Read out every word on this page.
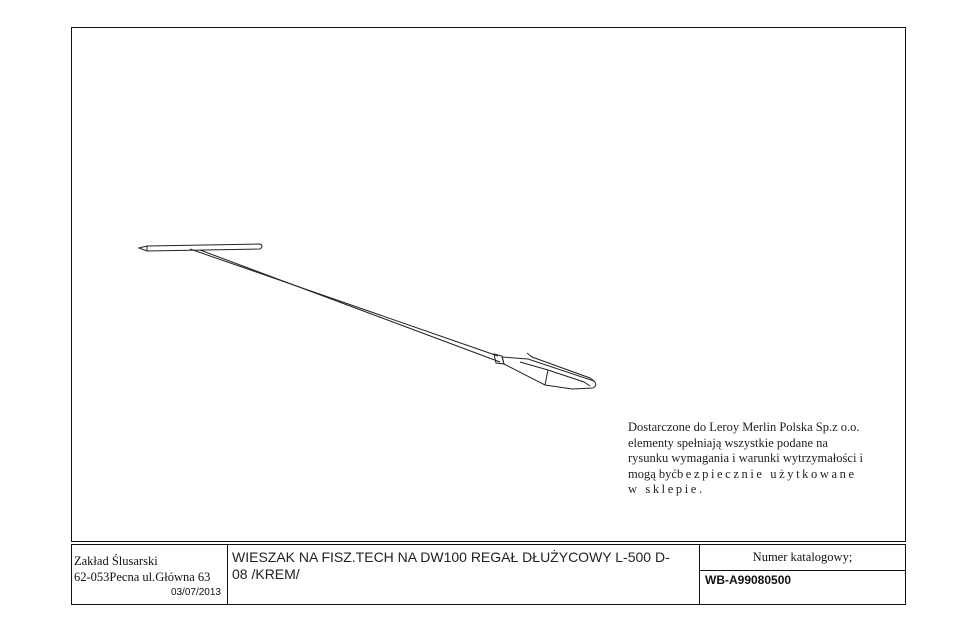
Dostarczone do Leroy Merlin Polska Sp.z o.o.
elementy spełniają wszystkie podane na
rysunku wymagania i warunki wytrzymałości i
mogą byćbezpiecznie użytkowane
w sklepie.
Zakład Ślusarski
62-053Pecna ul.Główna 63
03/07/2013
WIESZAK NA FISZ.TECH NA DW100 REGAŁ DŁUŻYCOWY L-500 D-08 /KREM/
Numer katalogowy;
WB-A99080500
